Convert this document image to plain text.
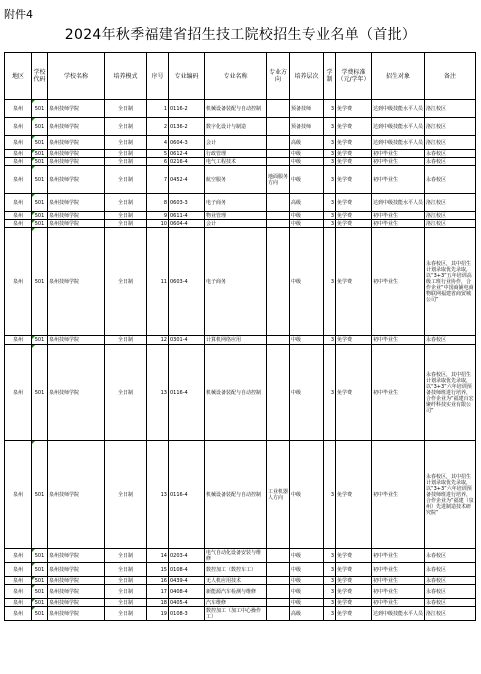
附件4
2024年秋季福建省招生技工院校招生专业名单（首批）
地区	学校代码	学校名称	培养模式	序号	专业编码	专业名称	专业方向	培养层次	学制	学费标准（元/学年）	招生对象	备注
泉州	501	泉州技师学院	全日制	1	0116-2	机械设备装配与自动控制		预备技师	3	免学费	达到中级技能水平人员	洛江校区
泉州	501	泉州技师学院	全日制	2	0136-2	数字化设计与制造		预备技师	3	免学费	达到中级技能水平人员	洛江校区
泉州	501	泉州技师学院	全日制	4	0604-3	会计		高级	3	免学费	达到中级技能水平人员	洛江校区
泉州	501	泉州技师学院	全日制	5	0612-4	行政管理		中级	3	免学费	初中毕业生	永春校区
泉州	501	泉州技师学院	全日制	6	0216-4	电气工程技术		中级	3	免学费	初中毕业生	永春校区
泉州	501	泉州技师学院	全日制	7	0452-4	航空服务	地面服务方向	中级	3	免学费	初中毕业生	永春校区
泉州	501	泉州技师学院	全日制	8	0603-3	电子商务		高级	3	免学费	达到中级技能水平人员	洛江校区
泉州	501	泉州技师学院	全日制	9	0611-4	物业管理		中级	3	免学费	初中毕业生	洛江校区
泉州	501	泉州技师学院	全日制	10	0604-4	会计		中级	3	免学费	初中毕业生	洛江校区
泉州	501	泉州技师学院	全日制	11	0603-4	电子商务		中级	3	免学费	初中毕业生	永春校区，其中招生计划录取优先录取，以“3+3”五年培训高级工班行业协作，合作企业“中国商铺电商物联网福建省商贸城公司”
泉州	501	泉州技师学院	全日制	12	0301-4	计算机网络应用		中级	3	免学费	初中毕业生	永春校区
泉州	501	泉州技师学院	全日制	13	0116-4	机械设备装配与自动控制		中级	3	免学费	初中毕业生	永春校区，其中招生计划录取优先录取，以“3+3”六年培训预备技师班进行培养，合作企业为“福建百宏聚纤科技实业有限公司”
泉州	501	泉州技师学院	全日制	13	0116-4	机械设备装配与自动控制	工业机器人方向	中级	3	免学费	初中毕业生	永春校区，其中招生计划录取优先录取，以“3+3”六年培训预备技师班进行培养，合作企业为“福建（泉州）先进制造技术研究院”
泉州	501	泉州技师学院	全日制	14	0203-4	电气自动化设备安装与维修		中级	3	免学费	初中毕业生	永春校区
泉州	501	泉州技师学院	全日制	15	0108-4	数控加工（数控车工）		中级	3	免学费	初中毕业生	永春校区
泉州	501	泉州技师学院	全日制	16	0439-4	无人机应用技术		中级	3	免学费	初中毕业生	永春校区
泉州	501	泉州技师学院	全日制	17	0408-4	新能源汽车检测与维修		中级	3	免学费	初中毕业生	永春校区
泉州	501	泉州技师学院	全日制	18	0405-4	汽车维修		中级	3	免学费	初中毕业生	永春校区
泉州	501	泉州技师学院	全日制	19	0108-3	数控加工（加工中心操作工）		高级	3	免学费	达到中级技能水平人员	洛江校区
